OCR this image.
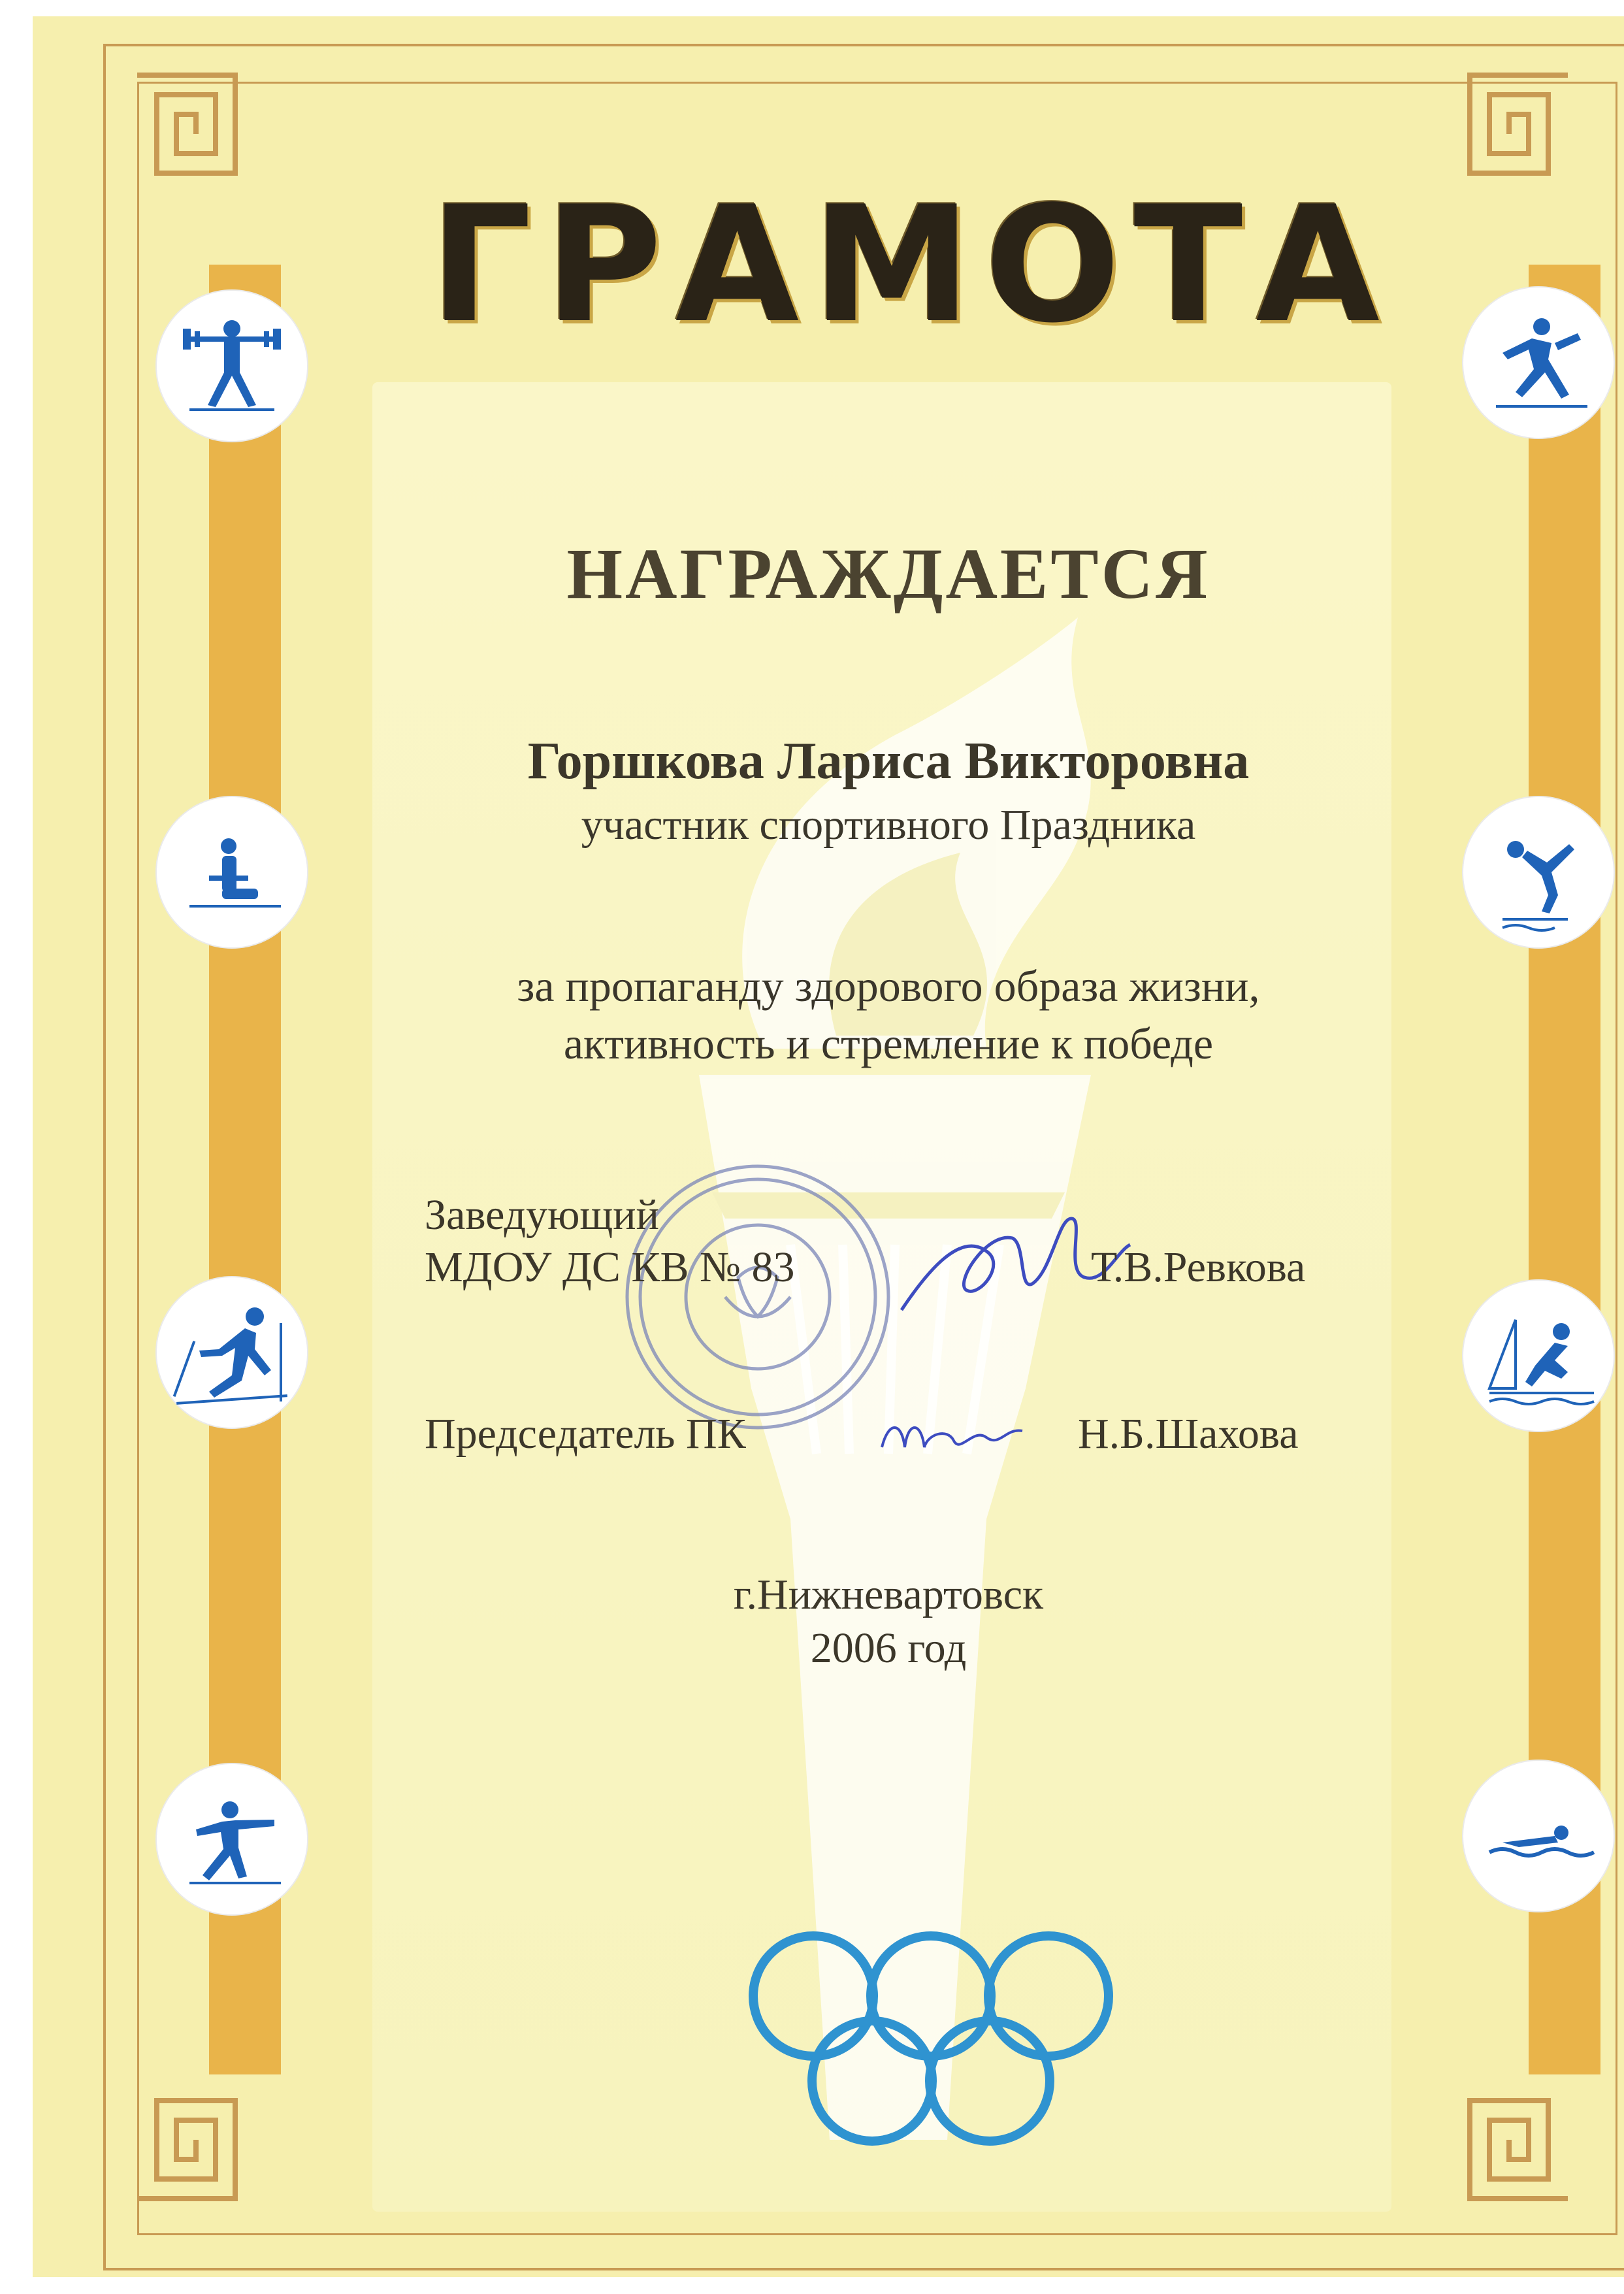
ГРАМОТА
НАГРАЖДАЕТСЯ
Горшкова Лариса Викторовна
участник спортивного Праздника
за пропаганду здорового образа жизни,
активность и стремление к победе
Заведующий
МДОУ ДС КВ № 83	Т.В.Ревкова
Председатель ПК	Н.Б.Шахова
г.Нижневартовск
2006 год
